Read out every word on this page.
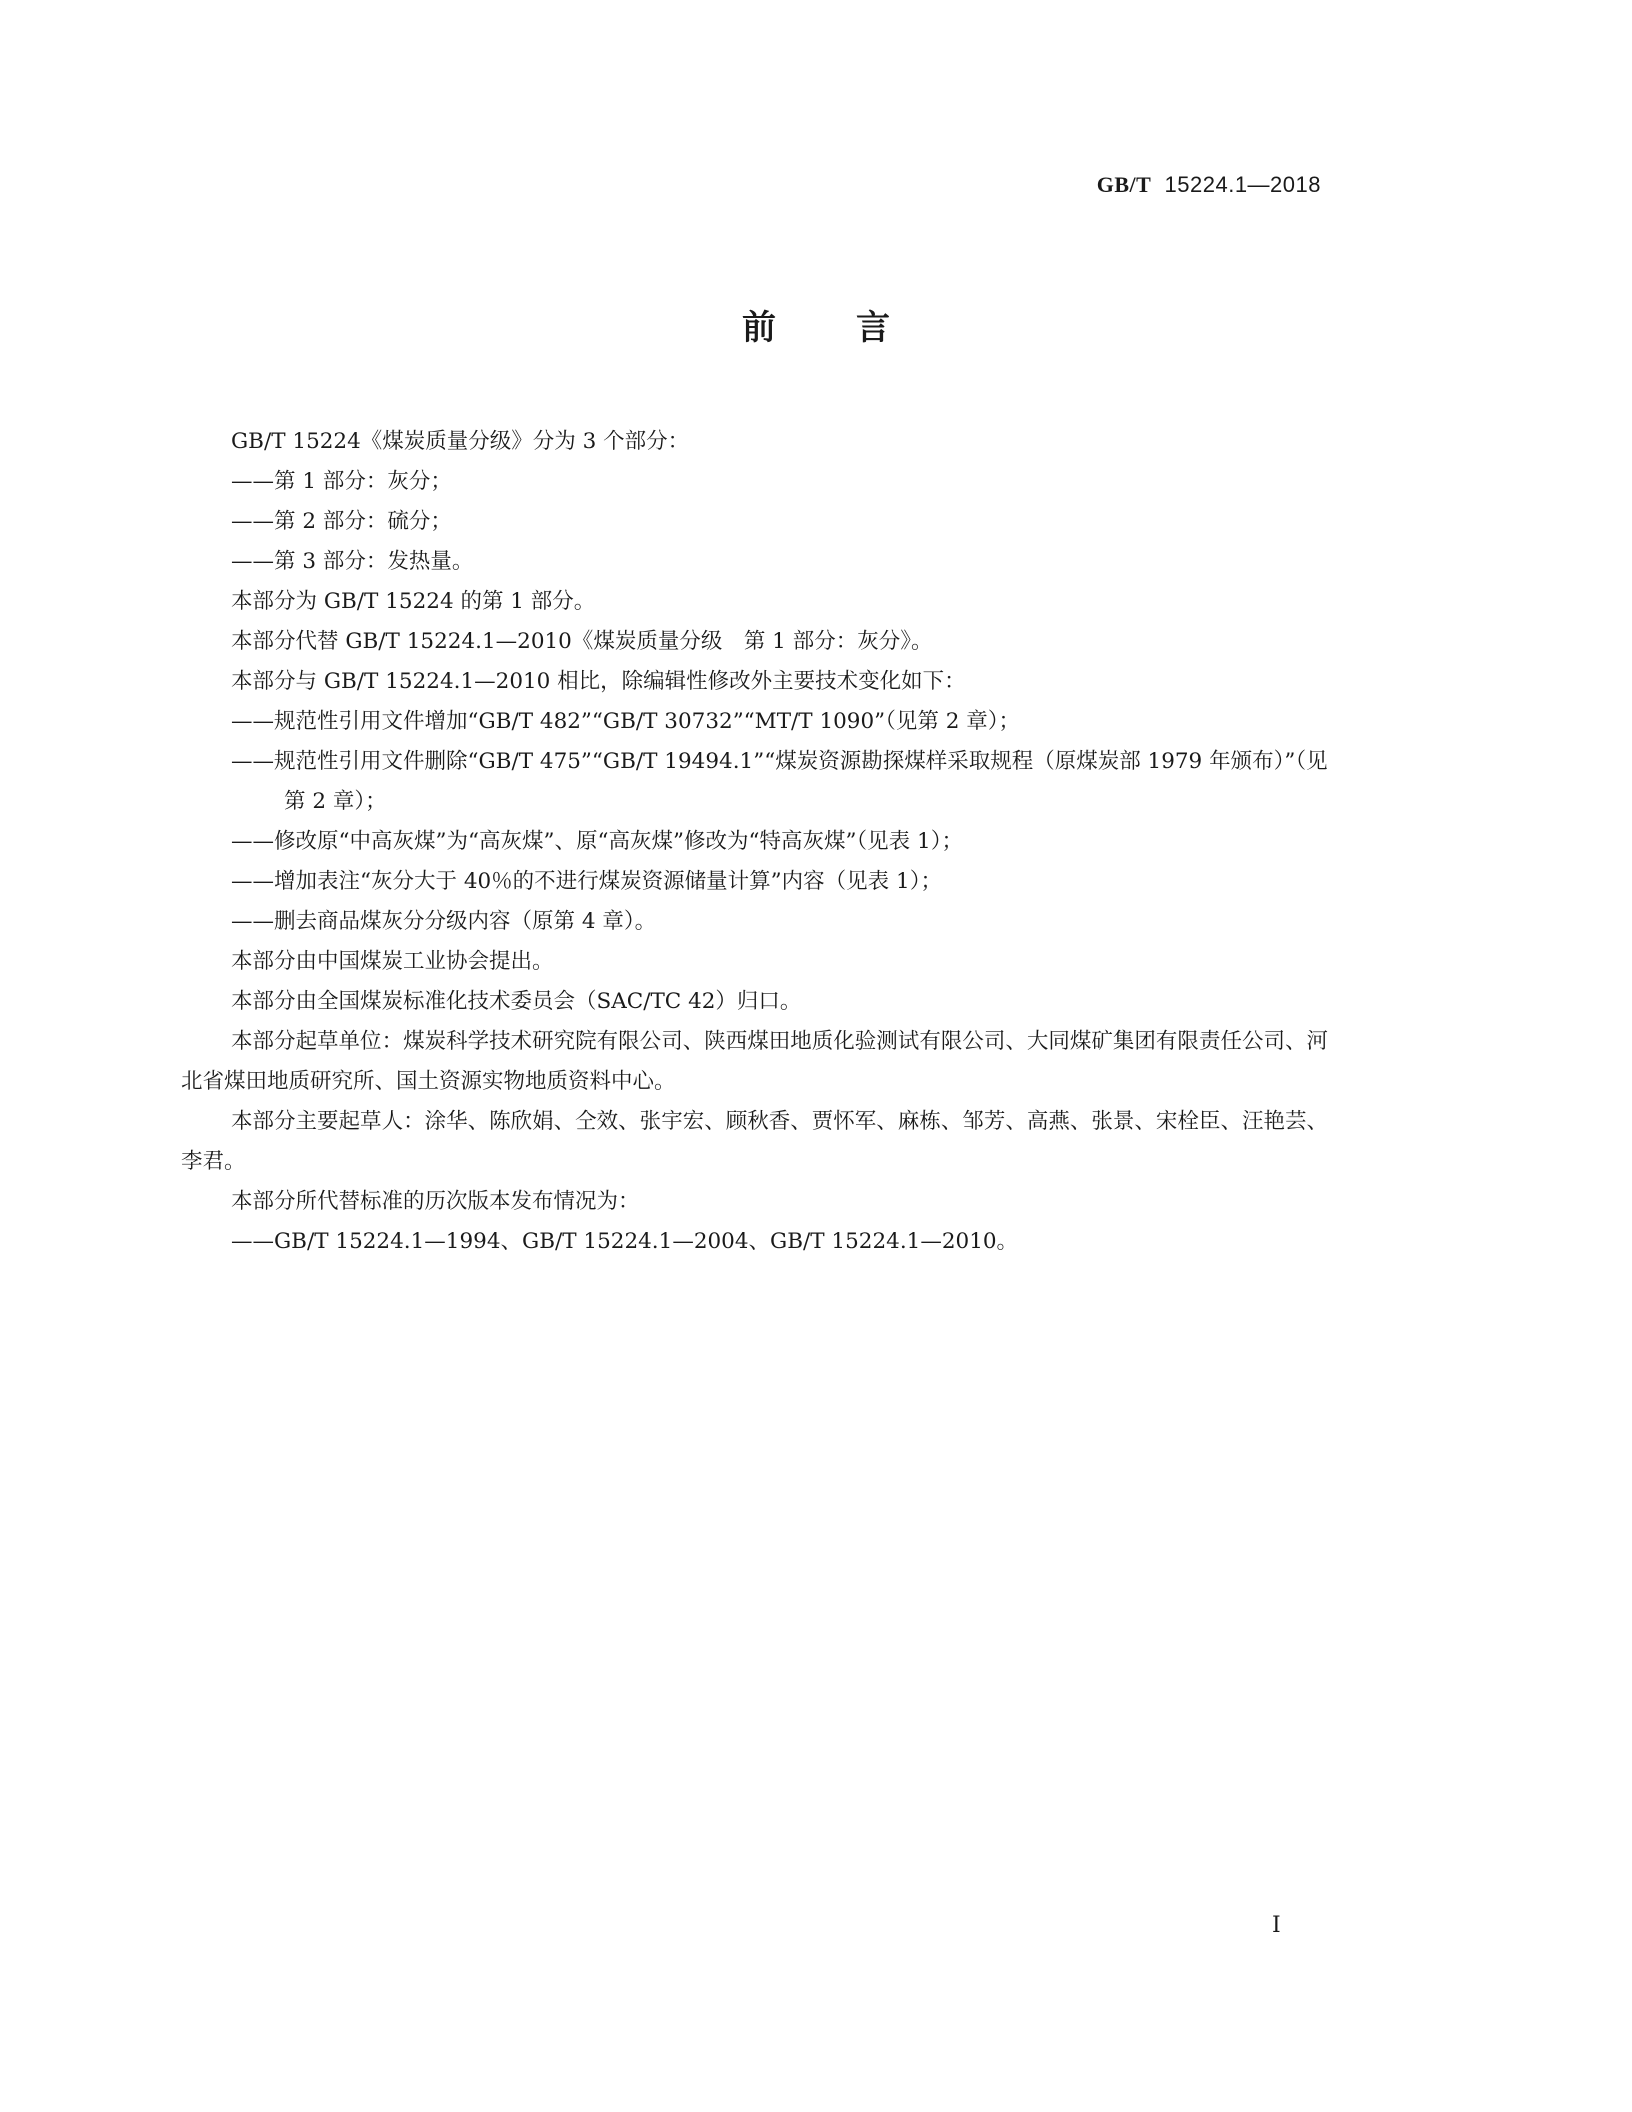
GB/T 15224.1—2018
前言

GB/T 15224《煤炭质量分级》分为 3 个部分：

——第 1 部分：灰分；

——第 2 部分：硫分；

——第 3 部分：发热量。

本部分为 GB/T 15224 的第 1 部分。

本部分代替 GB/T 15224.1—2010《煤炭质量分级　第 1 部分：灰分》。

本部分与 GB/T 15224.1—2010 相比，除编辑性修改外主要技术变化如下：

——规范性引用文件增加“GB/T 482”“GB/T 30732”“MT/T 1090”（见第 2 章）；

——规范性引用文件删除“GB/T 475”“GB/T 19494.1”“煤炭资源勘探煤样采取规程（原煤炭部 1979 年颁布）”（见第 2 章）；

——修改原“中高灰煤”为“高灰煤”、原“高灰煤”修改为“特高灰煤”（见表 1）；

——增加表注“灰分大于 40％的不进行煤炭资源储量计算”内容（见表 1）；

——删去商品煤灰分分级内容（原第 4 章）。

本部分由中国煤炭工业协会提出。

本部分由全国煤炭标准化技术委员会（SAC/TC 42）归口。

本部分起草单位：煤炭科学技术研究院有限公司、陕西煤田地质化验测试有限公司、大同煤矿集团有限责任公司、河北省煤田地质研究所、国土资源实物地质资料中心。

本部分主要起草人：涂华、陈欣娟、仝效、张宇宏、顾秋香、贾怀军、麻栋、邹芳、高燕、张景、宋栓臣、汪艳芸、李君。

本部分所代替标准的历次版本发布情况为：

——GB/T 15224.1—1994、GB/T 15224.1—2004、GB/T 15224.1—2010。

I
